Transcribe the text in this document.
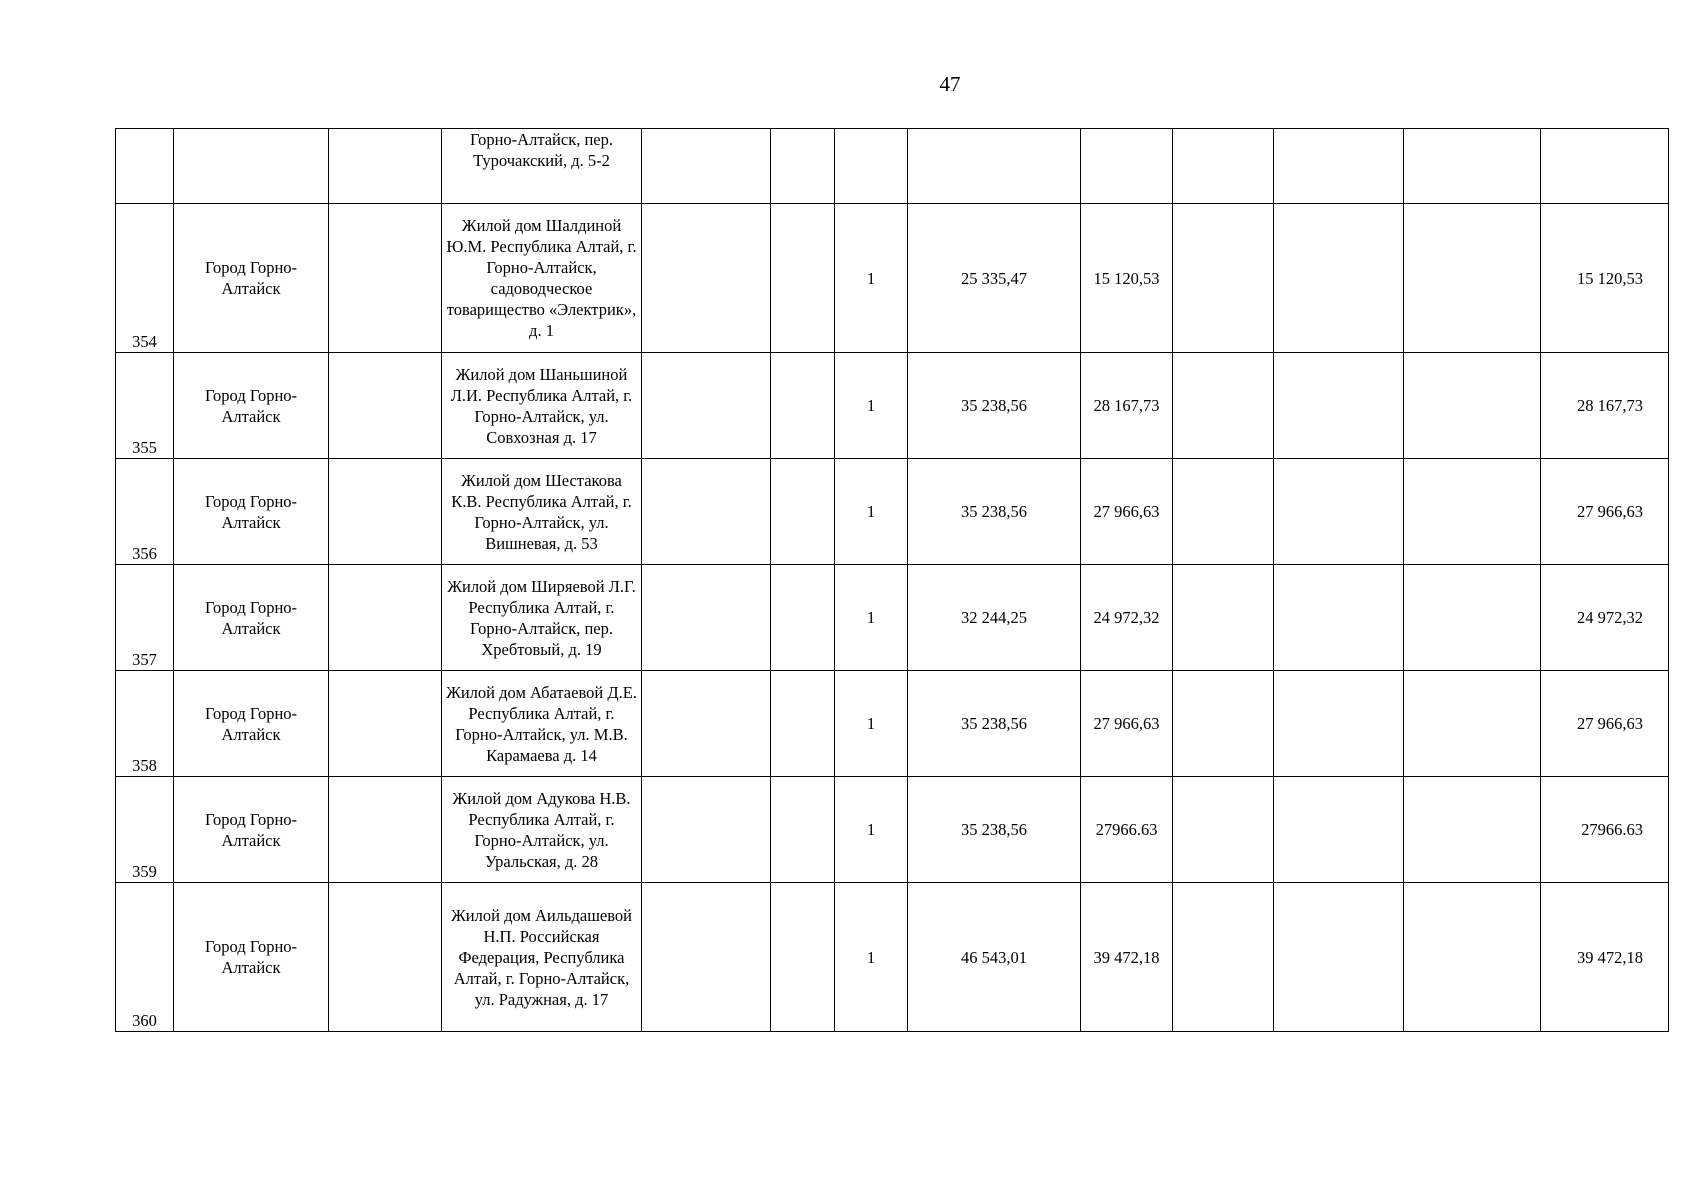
47
			Горно-Алтайск, пер. Турочакский, д. 5-2									
354	Город Горно-Алтайск		Жилой дом Шалдиной Ю.М. Республика Алтай, г. Горно-Алтайск, садоводческое товарищество «Электрик», д. 1			1	25 335,47	15 120,53				15 120,53
355	Город Горно-Алтайск		Жилой дом Шаньшиной Л.И. Республика Алтай, г. Горно-Алтайск, ул. Совхозная д. 17			1	35 238,56	28 167,73				28 167,73
356	Город Горно-Алтайск		Жилой дом Шестакова К.В. Республика Алтай, г. Горно-Алтайск, ул. Вишневая, д. 53			1	35 238,56	27 966,63				27 966,63
357	Город Горно-Алтайск		Жилой дом Ширяевой Л.Г. Республика Алтай, г. Горно-Алтайск, пер. Хребтовый, д. 19			1	32 244,25	24 972,32				24 972,32
358	Город Горно-Алтайск		Жилой дом Абатаевой Д.Е. Республика Алтай, г. Горно-Алтайск, ул. М.В. Карамаева д. 14			1	35 238,56	27 966,63				27 966,63
359	Город Горно-Алтайск		Жилой дом Адукова Н.В. Республика Алтай, г. Горно-Алтайск, ул. Уральская, д. 28			1	35 238,56	27966.63				27966.63
360	Город Горно-Алтайск		Жилой дом Аильдашевой Н.П. Российская Федерация, Республика Алтай, г. Горно-Алтайск, ул. Радужная, д. 17			1	46 543,01	39 472,18				39 472,18
